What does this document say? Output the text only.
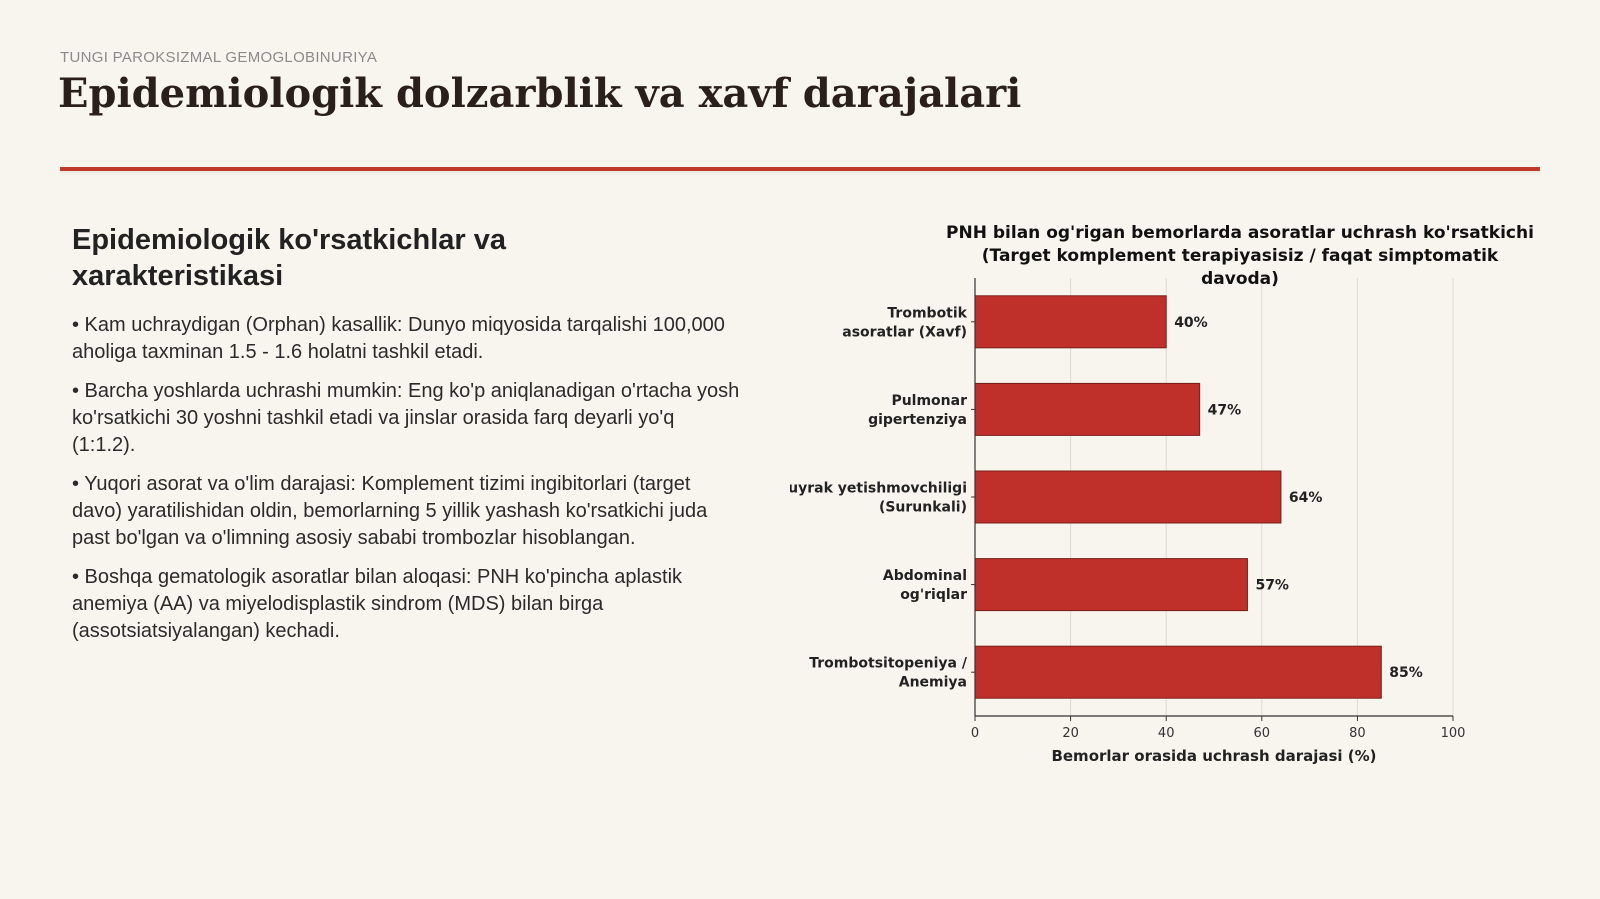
TUNGI PAROKSIZMAL GEMOGLOBINURIYA
Epidemiologik dolzarblik va xavf darajalari
Epidemiologik ko'rsatkichlar va xarakteristikasi

• Kam uchraydigan (Orphan) kasallik: Dunyo miqyosida tarqalishi 100,000 aholiga taxminan 1.5 - 1.6 holatni tashkil etadi.

• Barcha yoshlarda uchrashi mumkin: Eng ko'p aniqlanadigan o'rtacha yosh ko'rsatkichi 30 yoshni tashkil etadi va jinslar orasida farq deyarli yo'q (1:1.2).

• Yuqori asorat va o'lim darajasi: Komplement tizimi ingibitorlari (target davo) yaratilishidan oldin, bemorlarning 5 yillik yashash ko'rsatkichi juda past bo'lgan va o'limning asosiy sababi trombozlar hisoblangan.

• Boshqa gematologik asoratlar bilan aloqasi: PNH ko'pincha aplastik anemiya (AA) va miyelodisplastik sindrom (MDS) bilan birga (assotsiatsiyalangan) kechadi.

PNH bilan og'rigan bemorlarda asoratlar uchrash ko'rsatkichi
(Target komplement terapiyasisiz / faqat simptomatik davoda)
40%
Trombotik
asoratlar (Xavf)
47%
Pulmonar
gipertenziya
64%
Buyrak yetishmovchiligi
(Surunkali)
57%
Abdominal
og'riqlar
85%
Trombotsitopeniya /
Anemiya
0	20	40	60	80	100
Bemorlar orasida uchrash darajasi (%)
